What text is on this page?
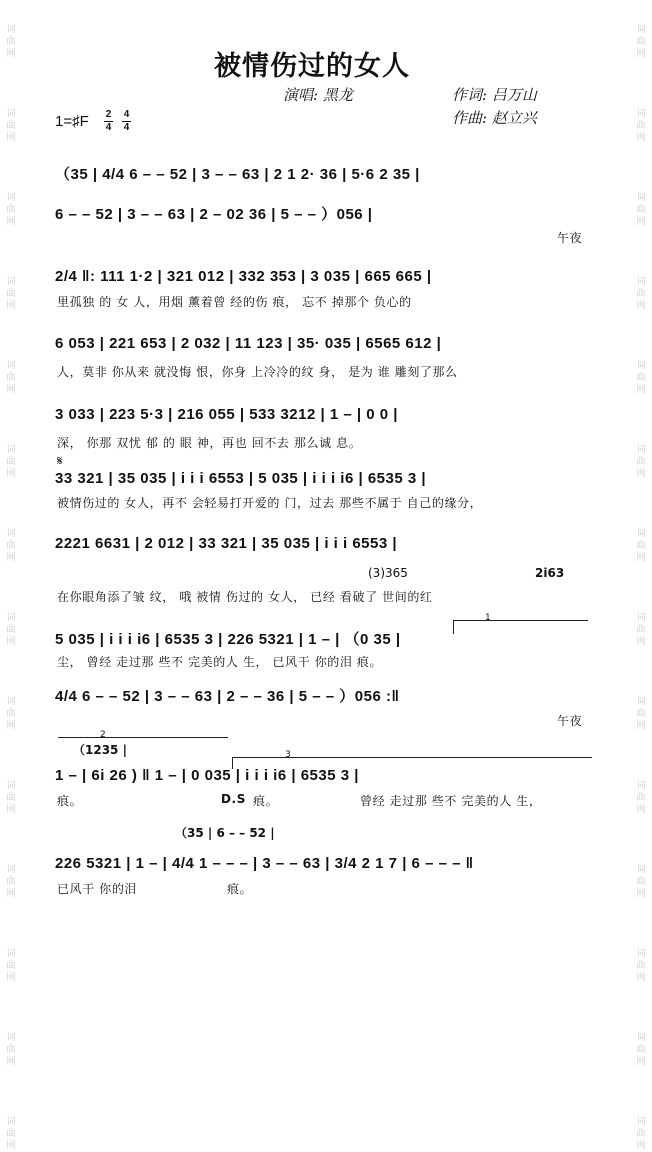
词
曲
网
词
曲
网
词
曲
网
词
曲
网
词
曲
网
词
曲
网
词
曲
网
词
曲
网
词
曲
网
词
曲
网
词
曲
网
词
曲
网
词
曲
网
词
曲
网
词
曲
网
词
曲
网
词
曲
网
词
曲
网
词
曲
网
词
曲
网
词
曲
网
词
曲
网
词
曲
网
词
曲
网
词
曲
网
词
曲
网
词
曲
网
词
曲
网
被情伤过的女人
演唱: 黑龙	作词: 吕万山
作曲: 赵立兴
1=♯F 2
4
4
4
（35 | 4/4 6 – – 52 | 3 – – 63 | 2 1 2· 36 | 5·6 2 35 |
6 – – 52 | 3 – – 63 | 2 – 02 36 | 5 – – ）056 |
午夜
2/4 ‖: 111 1·2 | 321 012 | 332 353 | 3 035 | 665 665 |
里孤独 的 女 人，用烟 薰着曾 经的伤 痕， 忘不 掉那个 负心的
6 053 | 221 653 | 2 032 | 11 123 | 35· 035 | 6565 612 |
人，莫非 你从来 就没悔 恨，你身 上冷冷的纹 身， 是为 谁 雕刻了那么
3 033 | 223 5·3 | 216 055 | 533 3212 | 1 – | 0 0 |
深， 你那 双忧 郁 的 眼 神，再也 回不去 那么诚 息。
𝄋
33 321 | 35 035 | i i i 6553 | 5 035 | i i i i6 | 6535 3 |
被情伤过的 女人，再不 会轻易打开爱的 门，过去 那些不属于 自己的缘分，
2221 6631 | 2 012 | 33 321 | 35 035 | i i i 6553 |
(3)365	2i63
在你眼角添了皱 纹， 哦 被情 伤过的 女人， 已经 看破了 世间的红
1
5 035 | i i i i6 | 6535 3 | 226 5321 | 1 – | （0 35 |
尘， 曾经 走过那 些不 完美的人 生， 已风干 你的泪 痕。
4/4 6 – – 52 | 3 – – 63 | 2 – – 36 | 5 – – ）056 :‖
午夜
2
（1235 |	3
1 – | 6i 26 ) ‖ 1 – | 0 035 | i i i i6 | 6535 3 |
痕。	D.S 痕。	曾经 走过那 些不 完美的人 生，
（35 | 6 – – 52 |
226 5321 | 1 – | 4/4 1 – – – | 3 – – 63 | 3/4 2 1 7 | 6 – – – ‖
已风干 你的泪	痕。
